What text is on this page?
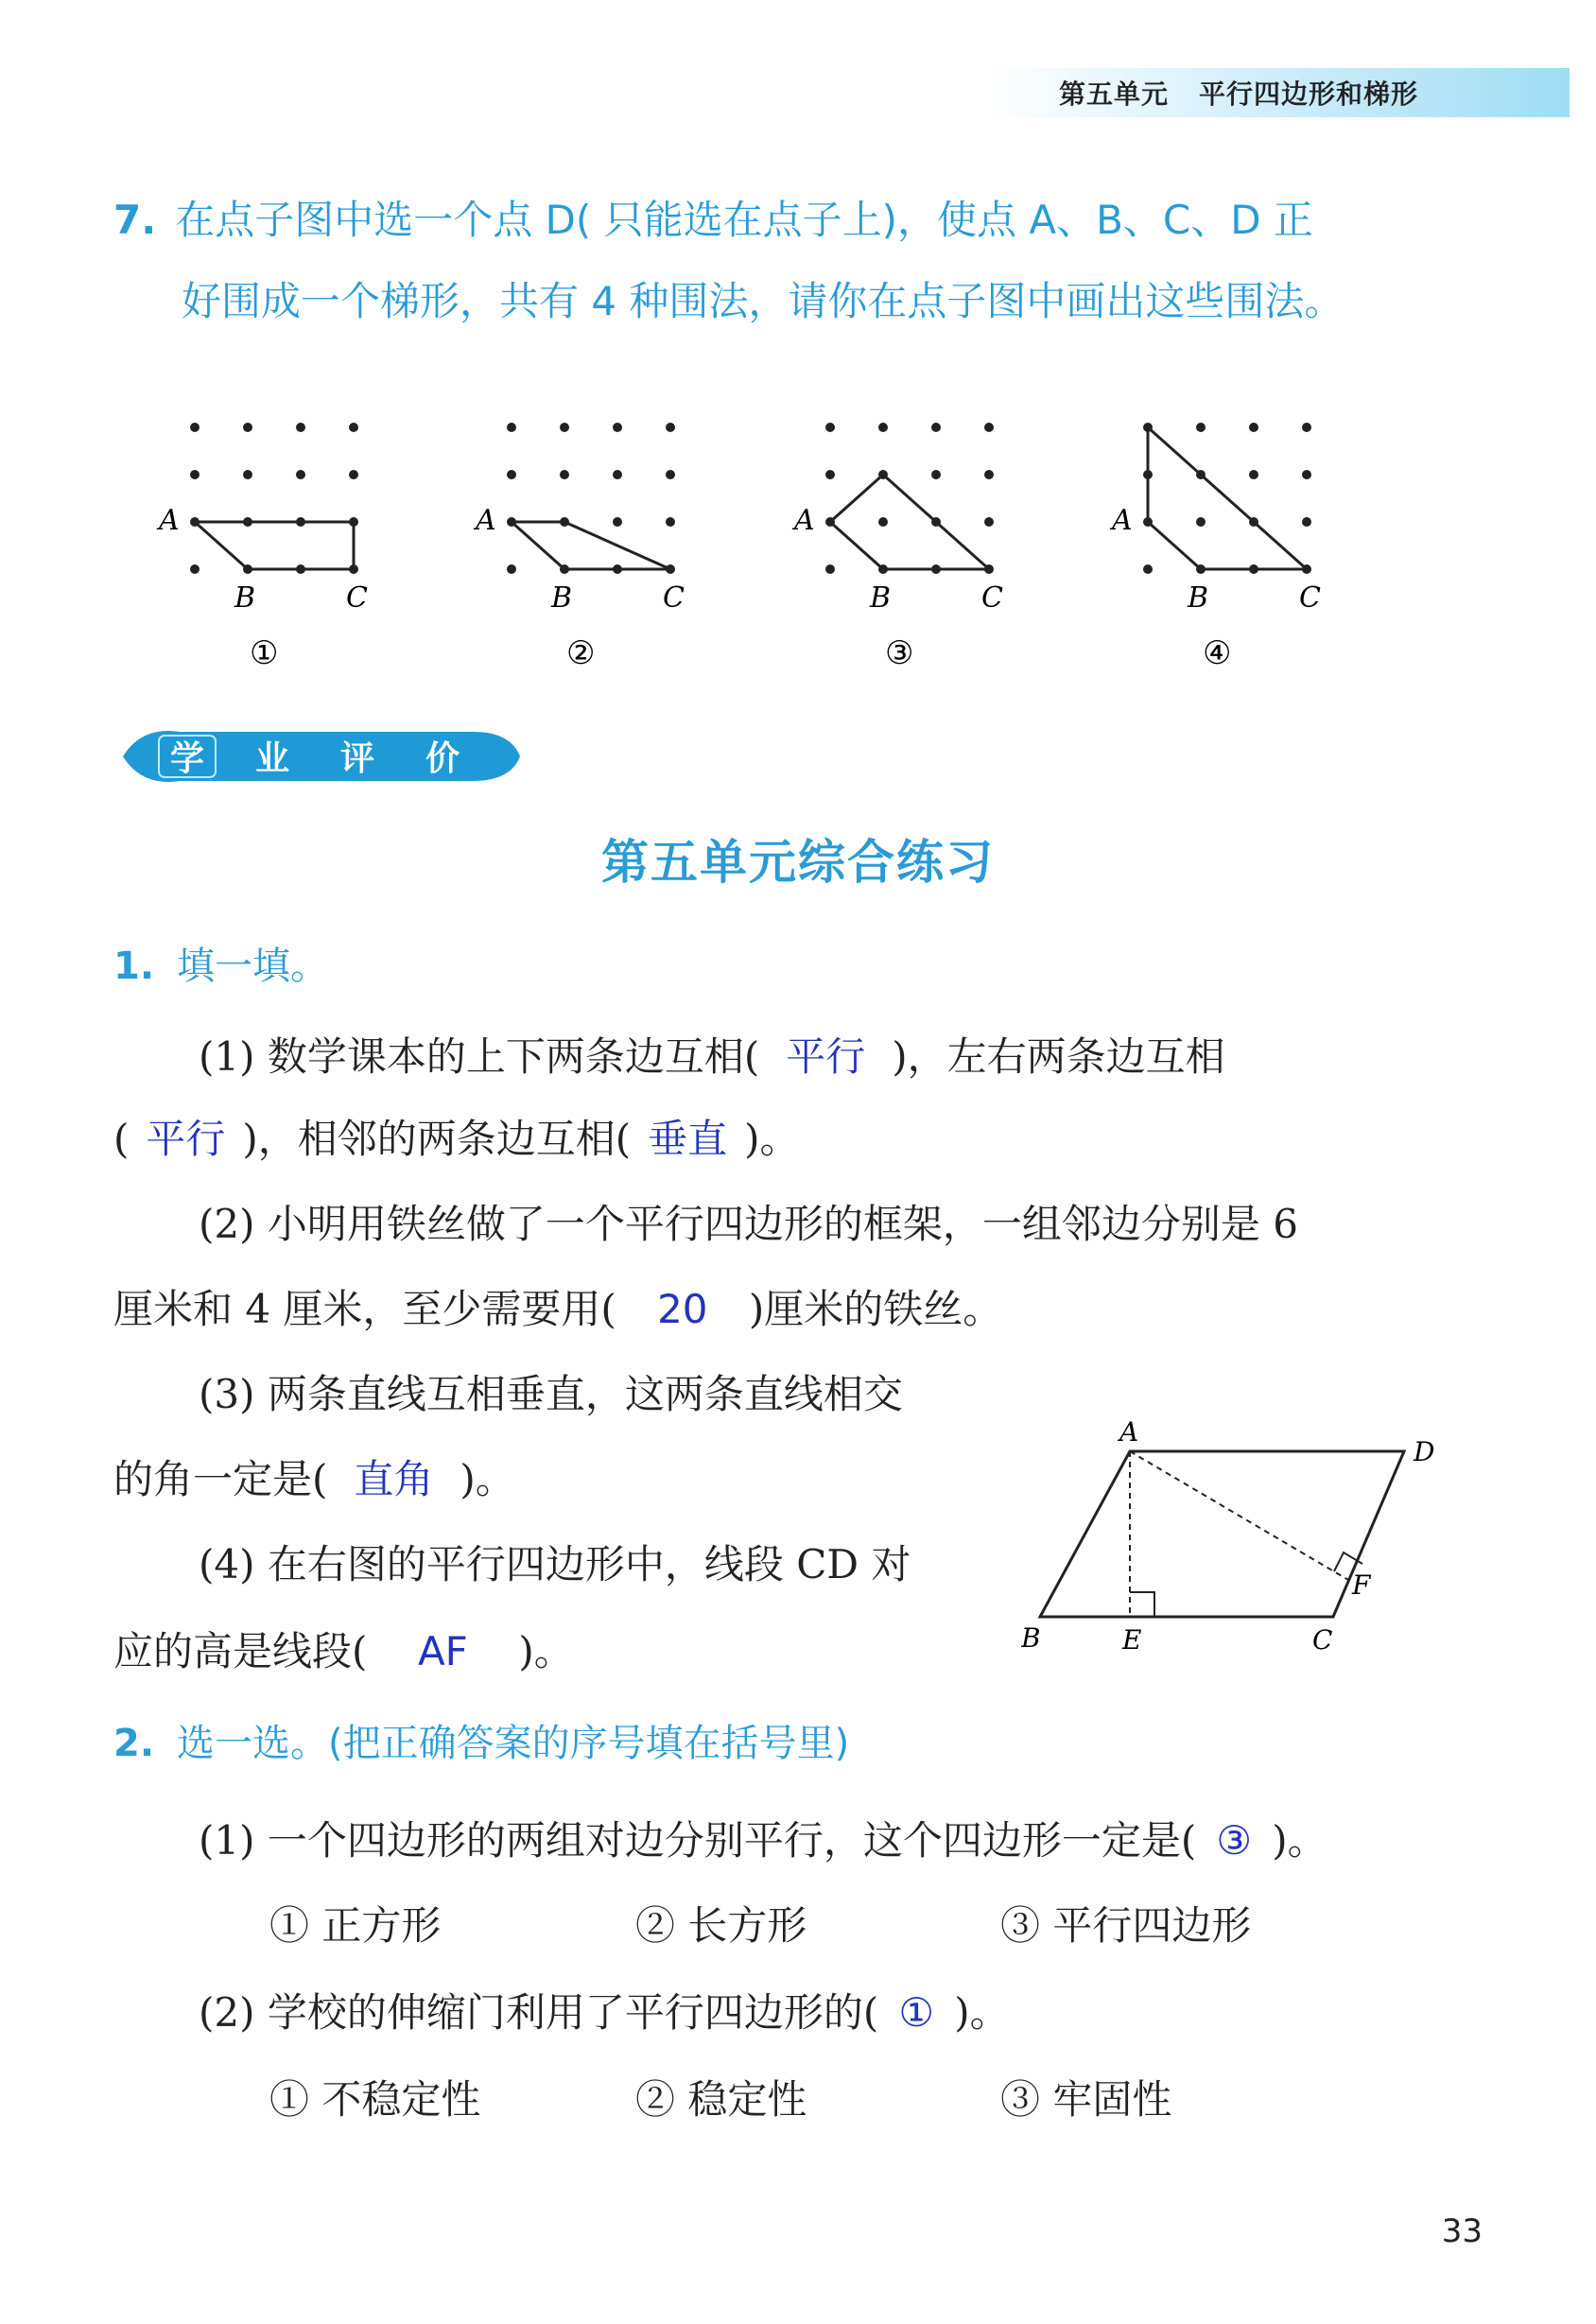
第五单元 平行四边形和梯形
7. 在点子图中选一个点 D( 只能选在点子上)，使点 A、B、C、D 正
好围成一个梯形，共有 4 种围法，请你在点子图中画出这些围法。
A
B	C
①
A
B	C
②
A
B	C
③
A
B	C
④
学 业 评 价
第五单元综合练习
1. 填一填。
(1) 数学课本的上下两条边互相( 平行 )，左右两条边互相
( 平行 )，相邻的两条边互相( 垂直 )。
(2) 小明用铁丝做了一个平行四边形的框架，一组邻边分别是 6
厘米和 4 厘米，至少需要用( 20 )厘米的铁丝。
(3) 两条直线互相垂直，这两条直线相交
的角一定是( 直角 )。
(4) 在右图的平行四边形中，线段 CD 对
应的高是线段( AF )。
A
D
B	E	C
F
2. 选一选。(把正确答案的序号填在括号里)
(1) 一个四边形的两组对边分别平行，这个四边形一定是( ③ )。
① 正方形	② 长方形	③ 平行四边形
(2) 学校的伸缩门利用了平行四边形的( ① )。
① 不稳定性	② 稳定性	③ 牢固性
33
